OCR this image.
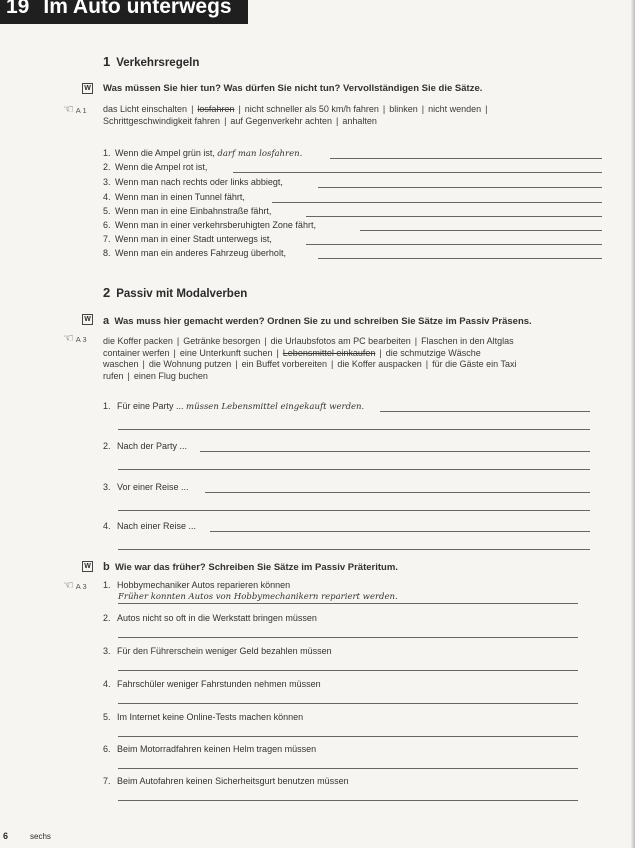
19 Im Auto unterwegs
1 Verkehrsregeln
W Was müssen Sie hier tun? Was dürfen Sie nicht tun? Vervollständigen Sie die Sätze.
☜ A 1 das Licht einschalten | losfahren | nicht schneller als 50 km/h fahren | blinken | nicht wenden |
Schrittgeschwindigkeit fahren | auf Gegenverkehr achten | anhalten
1. Wenn die Ampel grün ist, darf man losfahren.
2. Wenn die Ampel rot ist,
3. Wenn man nach rechts oder links abbiegt,
4. Wenn man in einen Tunnel fährt,
5. Wenn man in eine Einbahnstraße fährt,
6. Wenn man in einer verkehrsberuhigten Zone fährt,
7. Wenn man in einer Stadt unterwegs ist,
8. Wenn man ein anderes Fahrzeug überholt,
2 Passiv mit Modalverben
W a Was muss hier gemacht werden? Ordnen Sie zu und schreiben Sie Sätze im Passiv Präsens.
☜ A 3 die Koffer packen | Getränke besorgen | die Urlaubsfotos am PC bearbeiten | Flaschen in den Altglas
container werfen | eine Unterkunft suchen | Lebensmittel einkaufen | die schmutzige Wäsche
waschen | die Wohnung putzen | ein Buffet vorbereiten | die Koffer auspacken | für die Gäste ein Taxi
rufen | einen Flug buchen
1. Für eine Party ... müssen Lebensmittel eingekauft werden.
2. Nach der Party ...
3. Vor einer Reise ...
4. Nach einer Reise ...
W b Wie war das früher? Schreiben Sie Sätze im Passiv Präteritum.
☜ A 3 1. Hobbymechaniker Autos reparieren können
Früher konnten Autos von Hobbymechanikern repariert werden.
2. Autos nicht so oft in die Werkstatt bringen müssen
3. Für den Führerschein weniger Geld bezahlen müssen
4. Fahrschüler weniger Fahrstunden nehmen müssen
5. Im Internet keine Online-Tests machen können
6. Beim Motorradfahren keinen Helm tragen müssen
7. Beim Autofahren keinen Sicherheitsgurt benutzen müssen
6	sechs
